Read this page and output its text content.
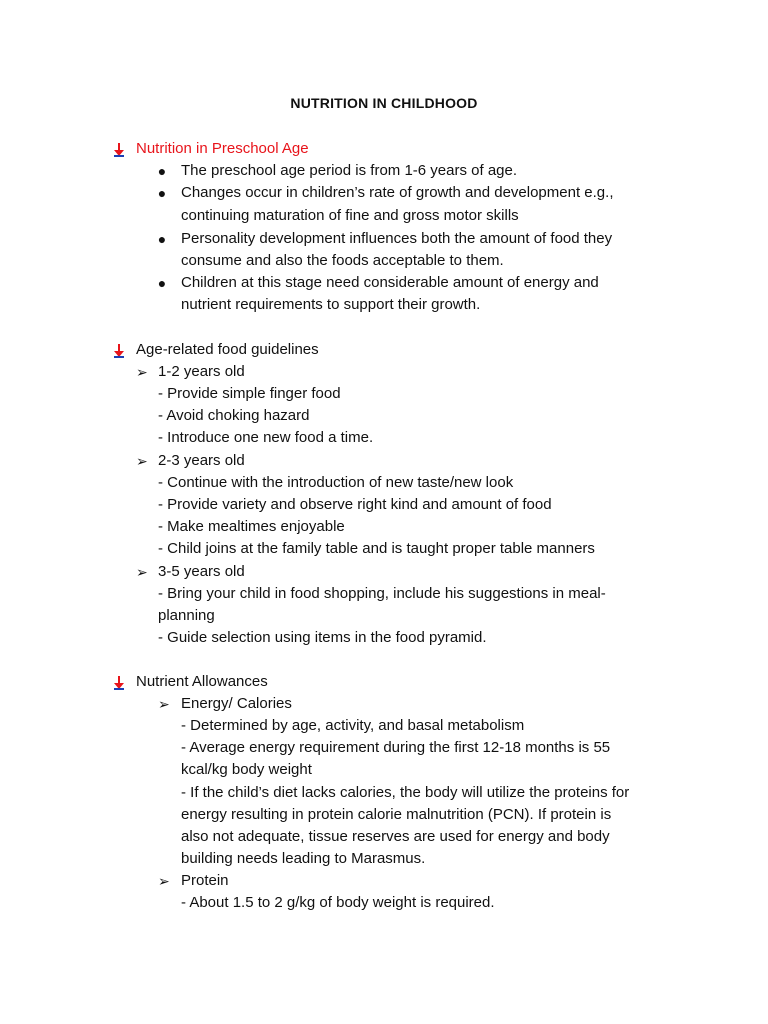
NUTRITION IN CHILDHOOD
Nutrition in Preschool Age
● The preschool age period is from 1-6 years of age.
● Changes occur in children’s rate of growth and development e.g.,
continuing maturation of fine and gross motor skills
● Personality development influences both the amount of food they
consume and also the foods acceptable to them.
● Children at this stage need considerable amount of energy and
nutrient requirements to support their growth.
Age-related food guidelines
➢ 1-2 years old
- Provide simple finger food
- Avoid choking hazard
- Introduce one new food a time.
➢ 2-3 years old
- Continue with the introduction of new taste/new look
- Provide variety and observe right kind and amount of food
- Make mealtimes enjoyable
- Child joins at the family table and is taught proper table manners
➢ 3-5 years old
- Bring your child in food shopping, include his suggestions in meal-
planning
- Guide selection using items in the food pyramid.
Nutrient Allowances
➢ Energy/ Calories
- Determined by age, activity, and basal metabolism
- Average energy requirement during the first 12-18 months is 55
kcal/kg body weight
- If the child’s diet lacks calories, the body will utilize the proteins for
energy resulting in protein calorie malnutrition (PCN). If protein is
also not adequate, tissue reserves are used for energy and body
building needs leading to Marasmus.
➢ Protein
- About 1.5 to 2 g/kg of body weight is required.
